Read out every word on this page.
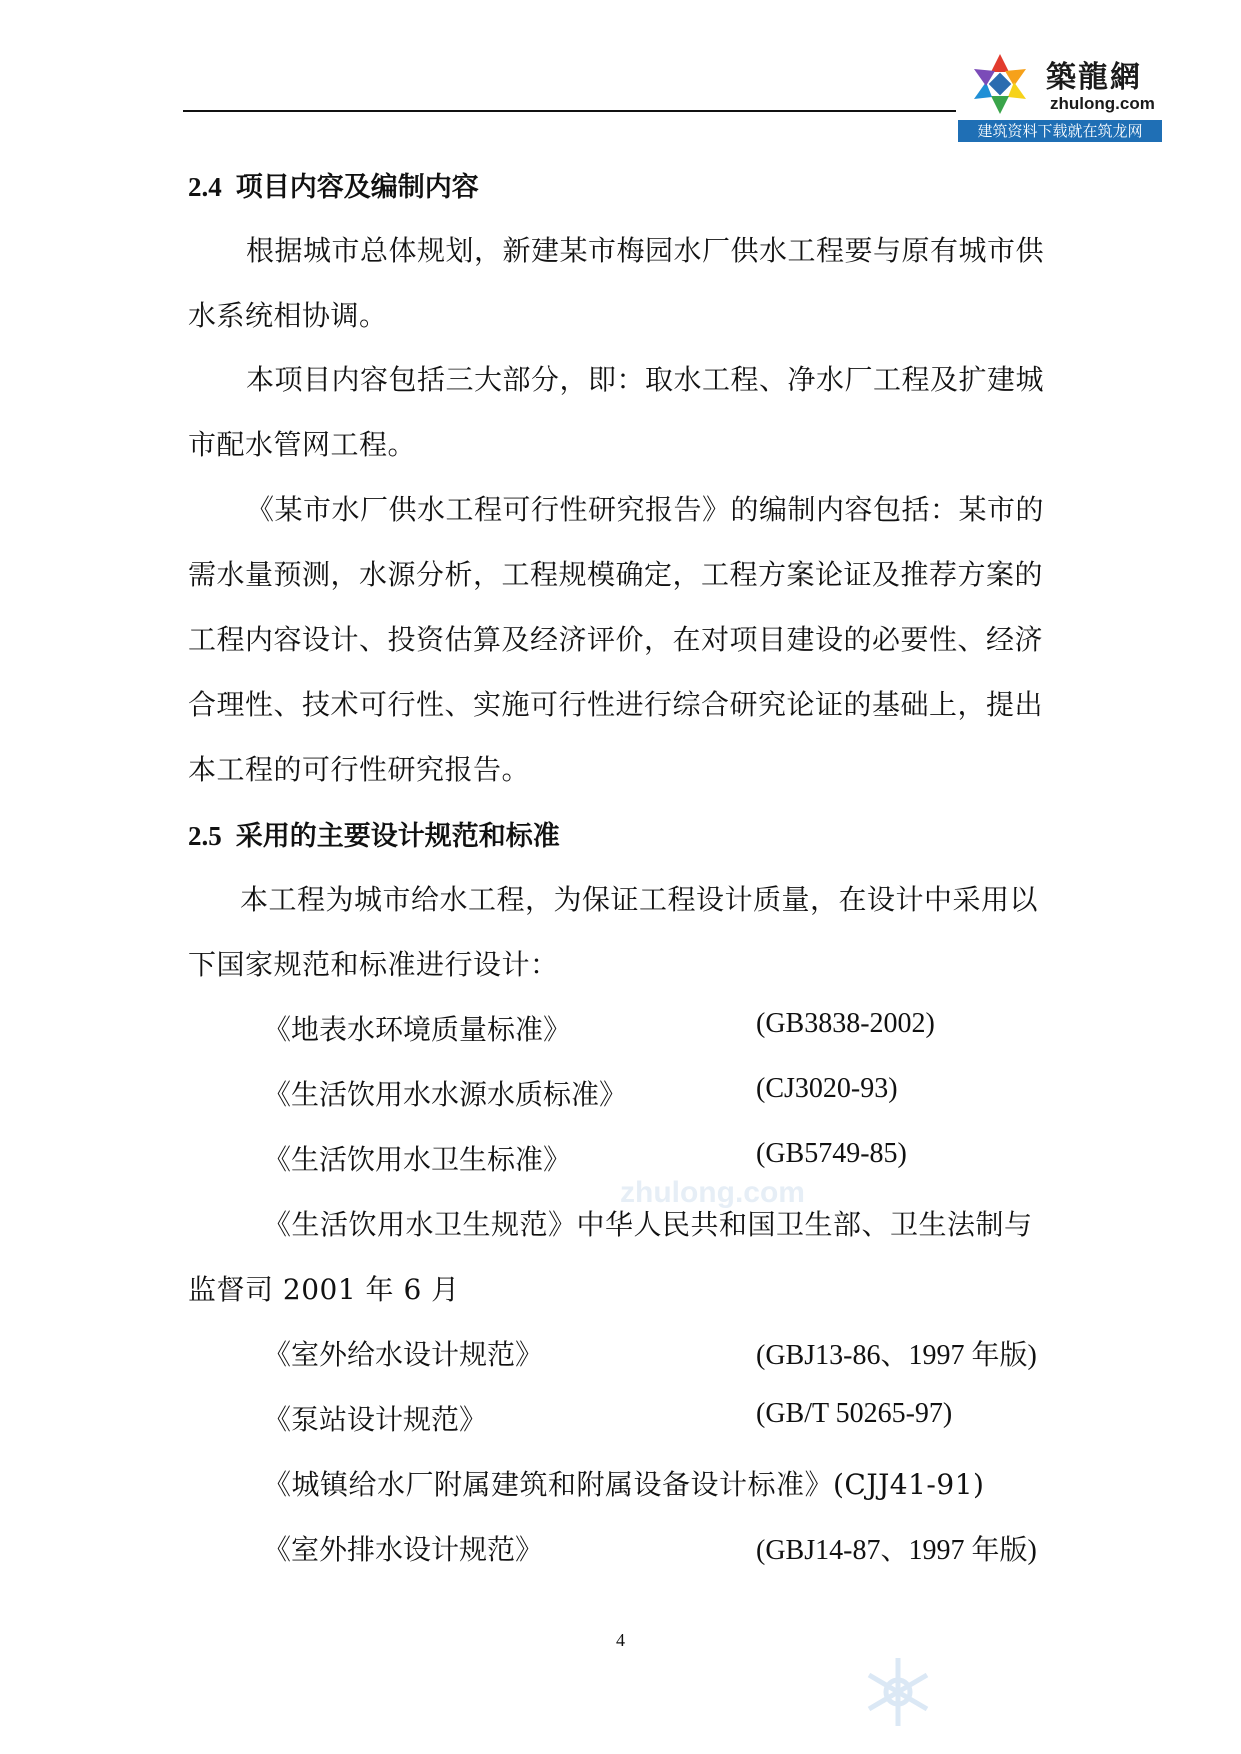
zhulong.com
築龍網
zhulong.com
建筑资料下载就在筑龙网
2.4 项目内容及编制内容
根据城市总体规划，新建某市梅园水厂供水工程要与原有城市供
水系统相协调。
本项目内容包括三大部分，即：取水工程、净水厂工程及扩建城
市配水管网工程。
《某市水厂供水工程可行性研究报告》的编制内容包括：某市的
需水量预测，水源分析，工程规模确定，工程方案论证及推荐方案的
工程内容设计、投资估算及经济评价，在对项目建设的必要性、经济
合理性、技术可行性、实施可行性进行综合研究论证的基础上，提出
本工程的可行性研究报告。
2.5 采用的主要设计规范和标准
本工程为城市给水工程，为保证工程设计质量，在设计中采用以
下国家规范和标准进行设计：
《地表水环境质量标准》	(GB3838-2002)
《生活饮用水水源水质标准》	(CJ3020-93)
《生活饮用水卫生标准》	(GB5749-85)
《生活饮用水卫生规范》中华人民共和国卫生部、卫生法制与
监督司 2001 年 6 月
《室外给水设计规范》	(GBJ13-86、1997 年版)
《泵站设计规范》	(GB/T 50265-97)
《城镇给水厂附属建筑和附属设备设计标准》(CJJ41-91)
《室外排水设计规范》	(GBJ14-87、1997 年版)
4
